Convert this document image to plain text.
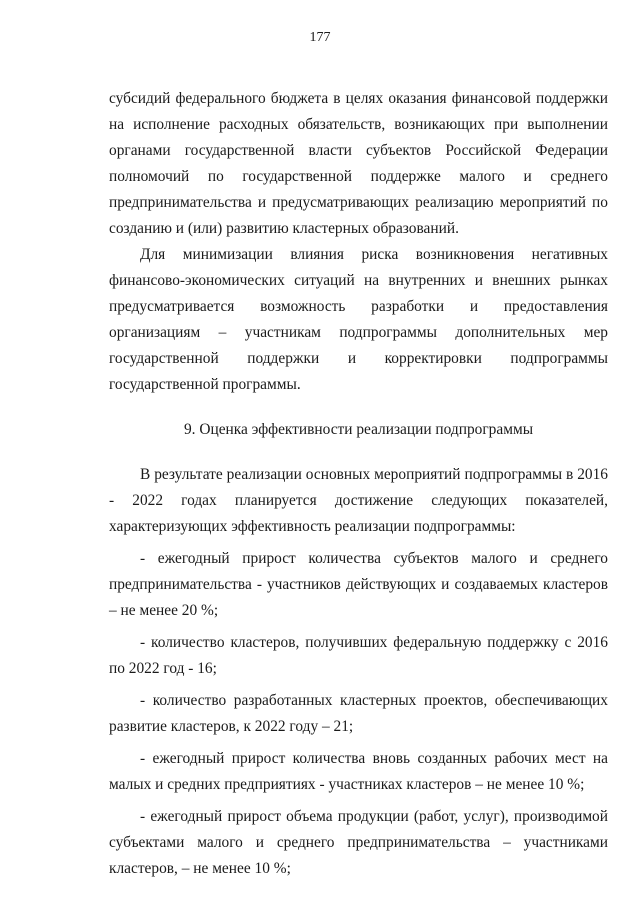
177

субсидий федерального бюджета в целях оказания финансовой поддержки на исполнение расходных обязательств, возникающих при выполнении органами государственной власти субъектов Российской Федерации полномочий по государственной поддержке малого и среднего предпринимательства и предусматривающих реализацию мероприятий по созданию и (или) развитию кластерных образований.

Для минимизации влияния риска возникновения негативных финансово-экономических ситуаций на внутренних и внешних рынках предусматривается возможность разработки и предоставления организациям – участникам подпрограммы дополнительных мер государственной поддержки и корректировки подпрограммы государственной программы.

9. Оценка эффективности реализации подпрограммы

В результате реализации основных мероприятий подпрограммы в 2016 - 2022 годах планируется достижение следующих показателей, характеризующих эффективность реализации подпрограммы:

- ежегодный прирост количества субъектов малого и среднего предпринимательства - участников действующих и создаваемых кластеров – не менее 20 %;

- количество кластеров, получивших федеральную поддержку с 2016 по 2022 год - 16;

- количество разработанных кластерных проектов, обеспечивающих развитие кластеров, к 2022 году – 21;

- ежегодный прирост количества вновь созданных рабочих мест на малых и средних предприятиях - участниках кластеров – не менее 10 %;

- ежегодный прирост объема продукции (работ, услуг), производимой субъектами малого и среднего предпринимательства – участниками кластеров, – не менее 10 %;
